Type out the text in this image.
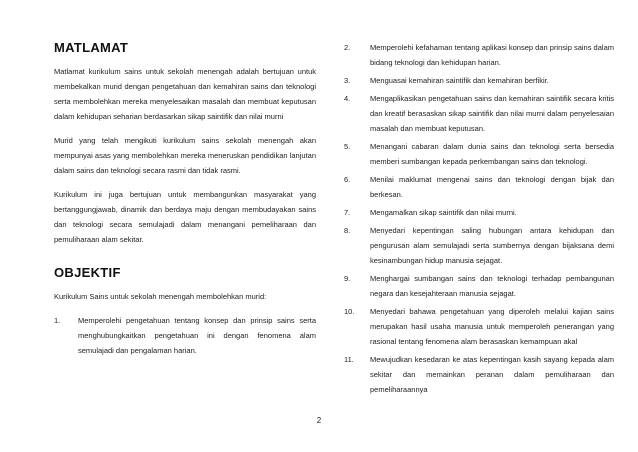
MATLAMAT

Matlamat kurikulum sains untuk sekolah menengah adalah bertujuan untuk membekalkan murid dengan pengetahuan dan kemahiran sains dan teknologi serta membolehkan mereka menyelesaikan masalah dan membuat keputusan dalam kehidupan seharian berdasarkan sikap saintifik dan nilai murni

Murid yang telah mengikuti kurikulum sains sekolah menengah akan mempunyai asas yang membolehkan mereka meneruskan pendidikan lanjutan dalam sains dan teknologi secara rasmi dan tidak rasmi.

Kurikulum ini juga bertujuan untuk membangunkan masyarakat yang bertanggungjawab, dinamik dan berdaya maju dengan membudayakan sains dan teknologi secara semulajadi dalam menangani pemeliharaan dan pemuliharaan alam sekitar.

OBJEKTIF

Kurikulum Sains untuk sekolah menengah membolehkan murid:

1.	Memperolehi pengetahuan tentang konsep dan prinsip sains serta menghubungkaitkan pengetahuan ini dengan fenomena alam semulajadi dan pengalaman harian.
2.	Memperolehi kefahaman tentang aplikasi konsep dan prinsip sains dalam bidang teknologi dan kehidupan harian.
3.	Menguasai kemahiran saintifik dan kemahiran berfikir.
4.	Mengaplikasikan pengetahuan sains dan kemahiran saintifik secara kritis dan kreatif berasaskan sikap saintifik dan nilai murni dalam penyelesaian masalah dan membuat keputusan.
5.	Menangani cabaran dalam dunia sains dan teknologi serta bersedia memberi sumbangan kepada perkembangan sains dan teknologi.
6.	Menilai maklumat mengenai sains dan teknologi dengan bijak dan berkesan.
7.	Mengamalkan sikap saintifik dan nilai murni.
8.	Menyedari kepentingan saling hubungan antara kehidupan dan pengurusan alam semulajadi serta sumbernya dengan bijaksana demi kesinambungan hidup manusia sejagat.
9.	Menghargai sumbangan sains dan teknologi terhadap pembangunan negara dan kesejahteraan manusia sejagat.
10.	Menyedari bahawa pengetahuan yang diperoleh melalui kajian sains merupakan hasil usaha manusia untuk memperoleh penerangan yang rasional tentang fenomena alam berasaskan kemampuan akal
11.	Mewujudkan kesedaran ke atas kepentingan kasih sayang kepada alam sekitar dan memainkan peranan dalam pemuliharaan dan pemeliharaannya
2
